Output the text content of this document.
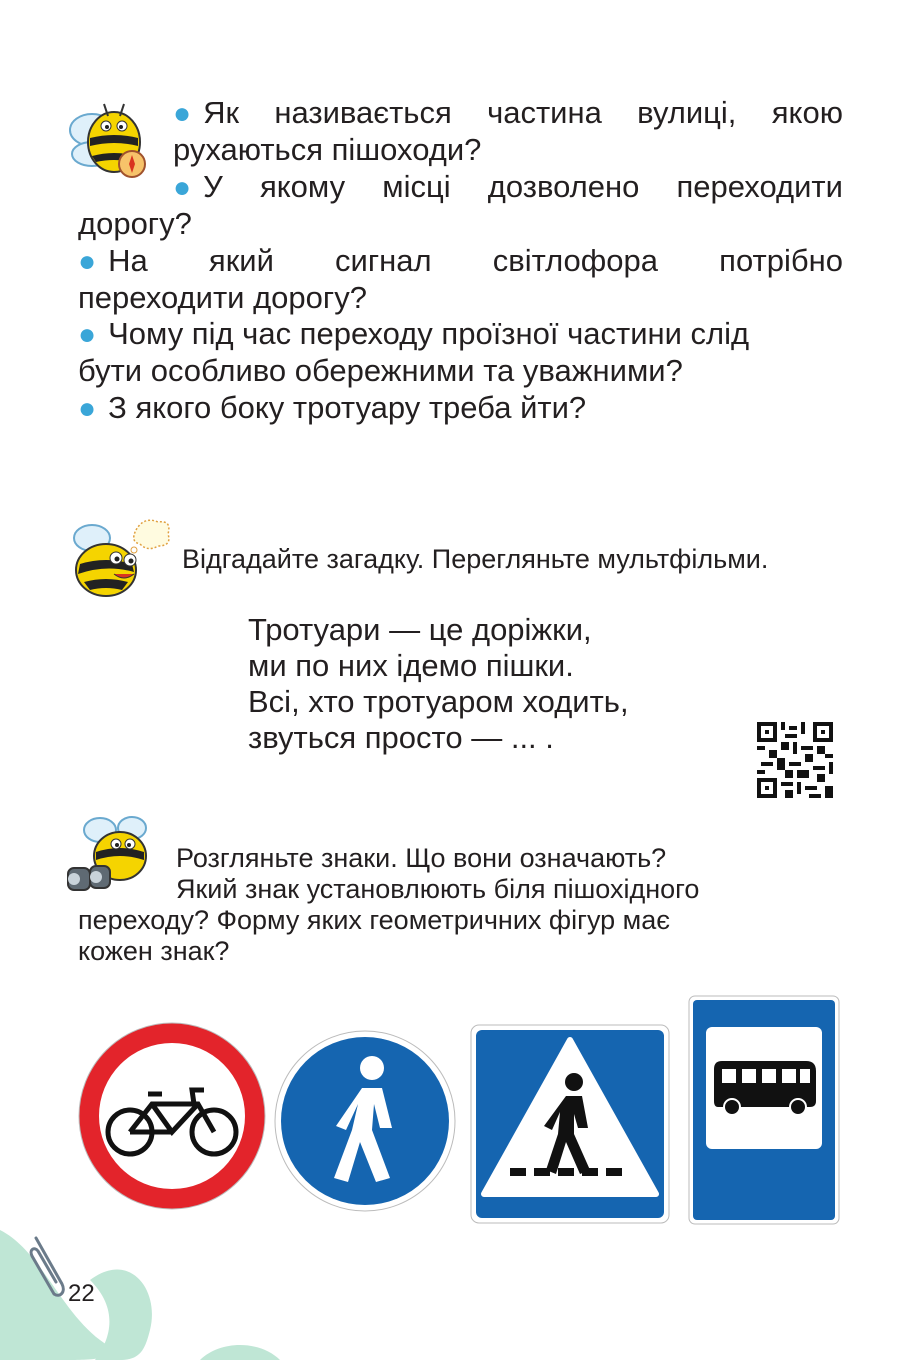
● Як називається частина вулиці, якою
рухаються пішоходи?
● У якому місці дозволено переходити
дорогу?
● На який сигнал світлофора потрібно
переходити дорогу?
● Чому під час переходу проїзної частини слід
бути особливо обережними та уважними?
● З якого боку тротуару треба йти?
Відгадайте загадку. Перегляньте мультфільми.
Тротуари — це доріжки,
ми по них ідемо пішки.
Всі, хто тротуаром ходить,
звуться просто — ... .
Розгляньте знаки. Що вони означають?
Який знак установлюють біля пішохідного
переходу? Форму яких геометричних фігур має
кожен знак?
22
